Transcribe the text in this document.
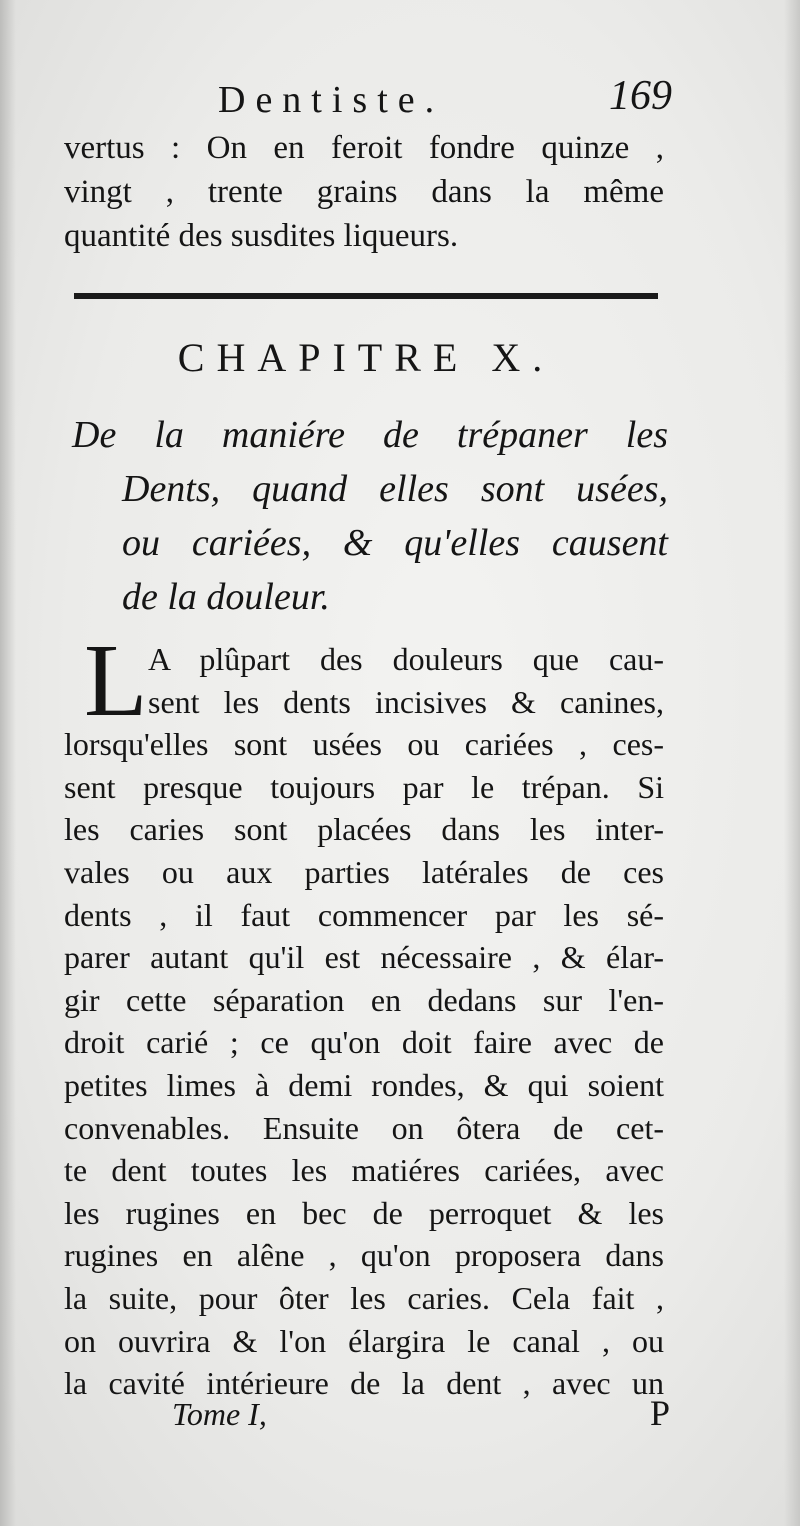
Dentiste.	169
vertus : On en feroit fondre quinze ,
vingt , trente grains dans la même
quantité des susdites liqueurs.
CHAPITRE X.
De la maniére de trépaner les
Dents, quand elles sont usées,
ou cariées, & qu'elles causent
de la douleur.
L A plûpart des douleurs que cau-
sent les dents incisives & canines,
lorsqu'elles sont usées ou cariées , ces-
sent presque toujours par le trépan. Si
les caries sont placées dans les inter-
vales ou aux parties latérales de ces
dents , il faut commencer par les sé-
parer autant qu'il est nécessaire , & élar-
gir cette séparation en dedans sur l'en-
droit carié ; ce qu'on doit faire avec de
petites limes à demi rondes, & qui soient
convenables. Ensuite on ôtera de cet-
te dent toutes les matiéres cariées, avec
les rugines en bec de perroquet & les
rugines en alêne , qu'on proposera dans
la suite, pour ôter les caries. Cela fait ,
on ouvrira & l'on élargira le canal , ou
la cavité intérieure de la dent , avec un
Tome I,	P
